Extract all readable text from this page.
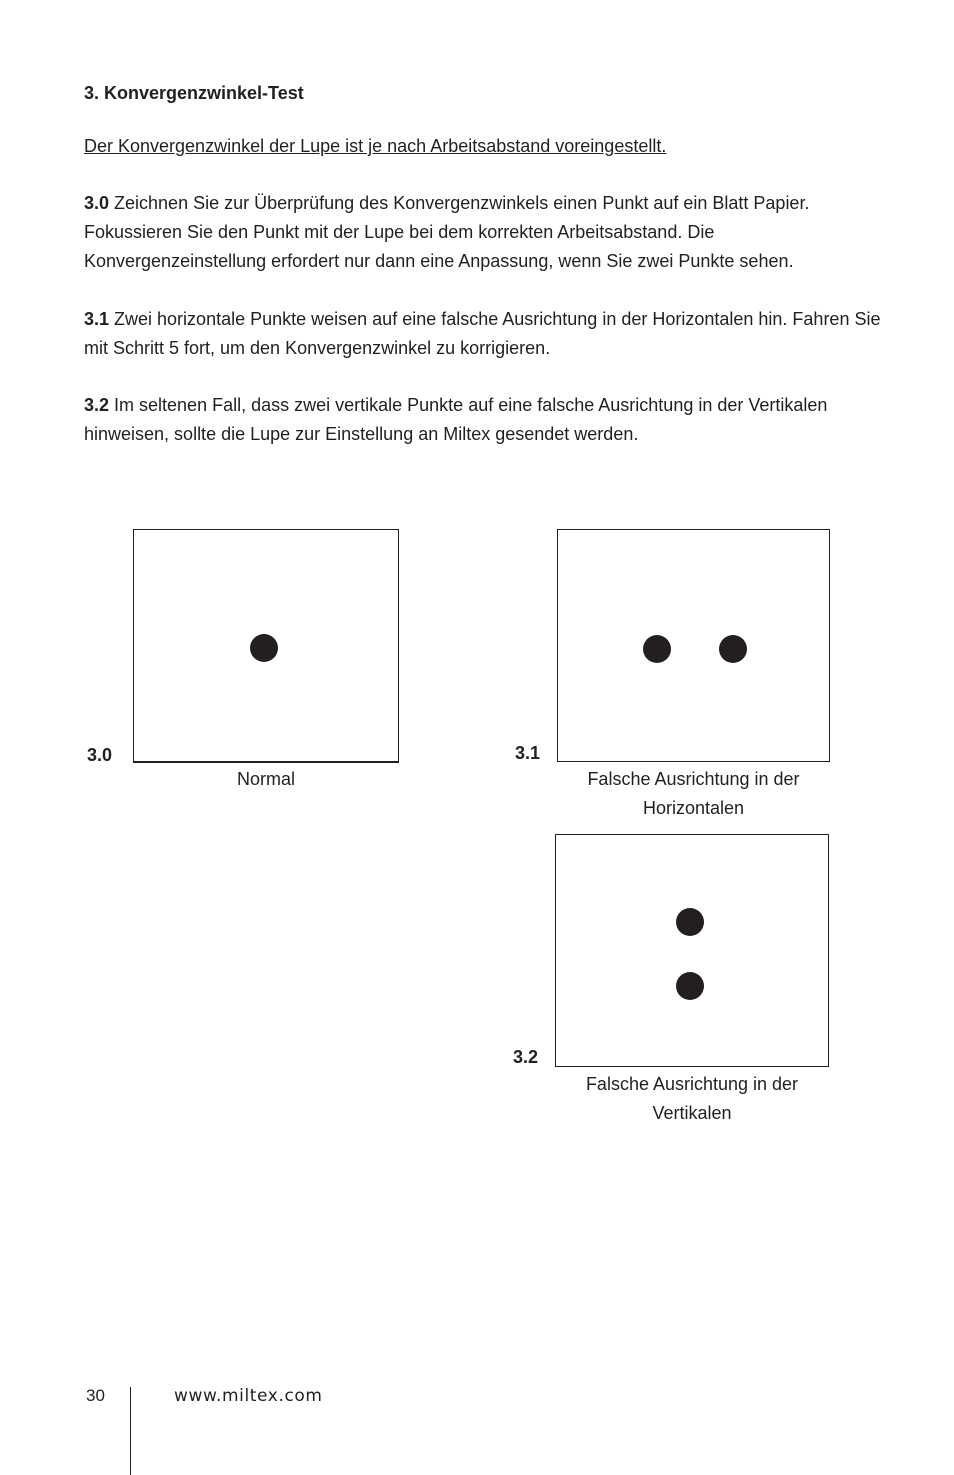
3. Konvergenzwinkel-Test

Der Konvergenzwinkel der Lupe ist je nach Arbeitsabstand voreingestellt.

3.0 Zeichnen Sie zur Überprüfung des Konvergenzwinkels einen Punkt auf ein Blatt Papier. Fokussieren Sie den Punkt mit der Lupe bei dem korrekten Arbeitsabstand. Die Konvergenzeinstellung erfordert nur dann eine Anpassung, wenn Sie zwei Punkte sehen.

3.1 Zwei horizontale Punkte weisen auf eine falsche Ausrichtung in der Horizontalen hin. Fahren Sie mit Schritt 5 fort, um den Konvergenzwinkel zu korrigieren.

3.2 Im seltenen Fall, dass zwei vertikale Punkte auf eine falsche Ausrichtung in der Vertikalen hinweisen, sollte die Lupe zur Einstellung an Miltex gesendet werden.

3.0
Normal
3.1
Falsche Ausrichtung in der
Horizontalen
3.2
Falsche Ausrichtung in der
Vertikalen
30	www.miltex.com
